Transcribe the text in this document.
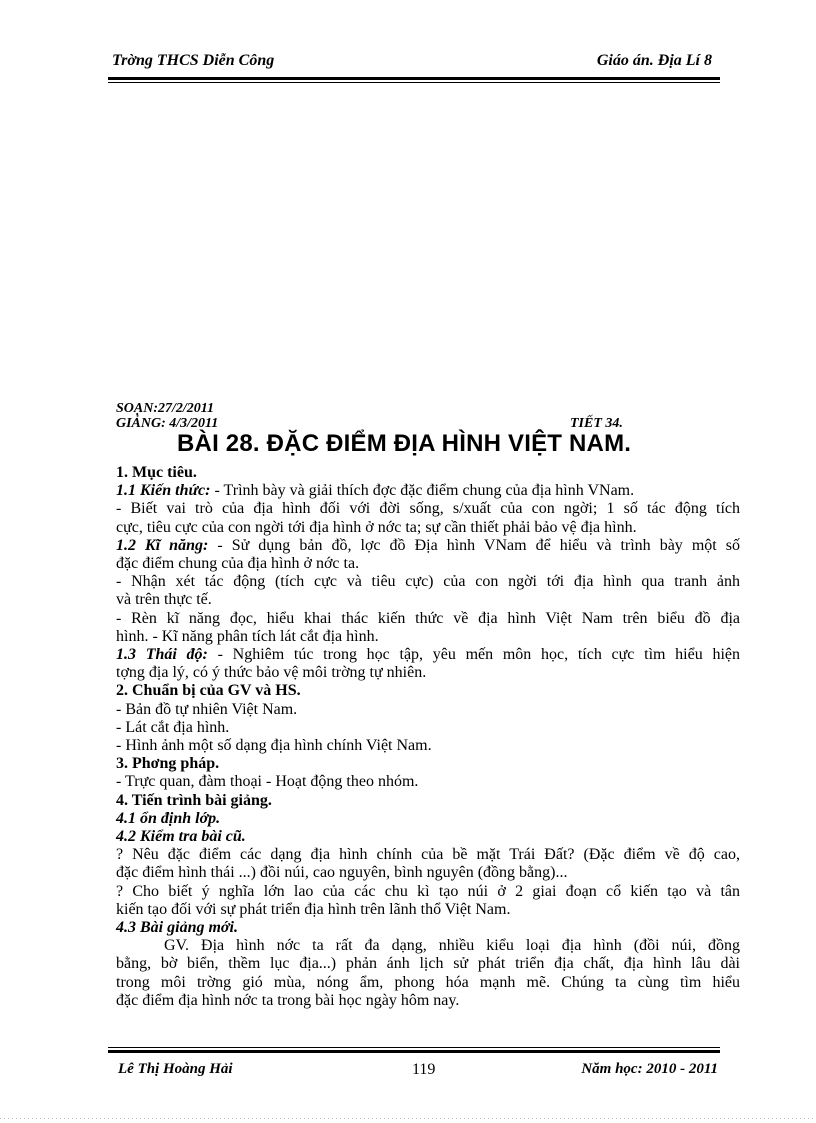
Trờng THCS Diễn Công	Giáo án. Địa Lí 8
SOẠN:27/2/2011
GIẢNG: 4/3/2011	TIẾT 34.
BÀI 28. ĐẶC ĐIỂM ĐỊA HÌNH VIỆT NAM.

1. Mục tiêu.

1.1 Kiến thức: - Trình bày và giải thích đợc đặc điểm chung của địa hình VNam.

- Biết vai trò của địa hình đối với đời sống, s/xuất của con ngời; 1 số tác động tích

cực, tiêu cực của con ngời tới địa hình ở nớc ta; sự cần thiết phải bảo vệ địa hình.

1.2 Kĩ năng: - Sử dụng bản đồ, lợc đồ Địa hình VNam để hiểu và trình bày một số

đặc điểm chung của địa hình ở nớc ta.

- Nhận xét tác động (tích cực và tiêu cực) của con ngời tới địa hình qua tranh ảnh

và trên thực tế.

- Rèn kĩ năng đọc, hiểu khai thác kiến thức về địa hình Việt Nam trên biểu đồ địa

hình. - Kĩ năng phân tích lát cắt địa hình.

1.3 Thái độ: - Nghiêm túc trong học tập, yêu mến môn học, tích cực tìm hiểu hiện

tợng địa lý, có ý thức bảo vệ môi trờng tự nhiên.

2. Chuẩn bị của GV và HS.

- Bản đồ tự nhiên Việt Nam.

- Lát cắt địa hình.

- Hình ảnh một số dạng địa hình chính Việt Nam.

3. Phơng pháp.

- Trực quan, đàm thoại - Hoạt động theo nhóm.

4. Tiến trình bài giảng.

4.1 ổn định lớp.

4.2 Kiểm tra bài cũ.

? Nêu đặc điểm các dạng địa hình chính của bề mặt Trái Đất? (Đặc điểm về độ cao,

đặc điểm hình thái ...) đồi núi, cao nguyên, bình nguyên (đồng bằng)...

? Cho biết ý nghĩa lớn lao của các chu kì tạo núi ở 2 giai đoạn cổ kiến tạo và tân

kiến tạo đối với sự phát triển địa hình trên lãnh thổ Việt Nam.

4.3 Bài giảng mới.

GV. Địa hình nớc ta rất đa dạng, nhiều kiểu loại địa hình (đồi núi, đồng

bằng, bờ biển, thềm lục địa...) phản ánh lịch sử phát triển địa chất, địa hình lâu dài

trong môi trờng gió mùa, nóng ẩm, phong hóa mạnh mẽ. Chúng ta cùng tìm hiểu

đặc điểm địa hình nớc ta trong bài học ngày hôm nay.

Lê Thị Hoàng Hải	119	Năm học: 2010 - 2011
